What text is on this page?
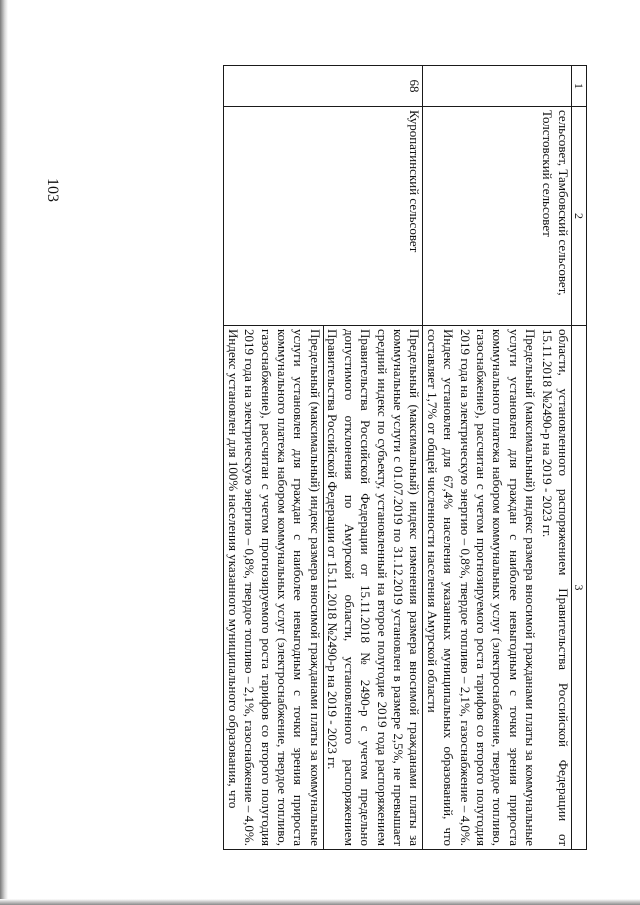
103
1	2	3
	сельсовет, Тамбовский сельсовет, Толстовский сельсовет	области, установленного распоряжением Правительства Российской Федерации от 15.11.2018 №2490-р на 2019 - 2023 гг.

Предельный (максимальный) индекс размера вносимой гражданами платы за коммунальные услуги установлен для граждан с наиболее невыгодным с точки зрения прироста коммунального платежа набором коммунальных услуг (электроснабжение, твердое топливо, газоснабжение), рассчитан с учетом прогнозируемого роста тарифов со второго полугодия 2019 года на электрическую энергию – 0,8%, твердое топливо – 2,1%, газоснабжение – 4,0%. Индекс установлен для 67,4% населения указанных муниципальных образований, что составляет 1,7% от общей численности населения Амурской области

68	Куропатинский сельсовет	Предельный (максимальный) индекс изменения размера вносимой гражданами платы за коммунальные услуги с 01.07.2019 по 31.12.2019 установлен в размере 2,5%, не превышает средний индекс по субъекту, установленный на второе полугодие 2019 года распоряжением Правительства Российской Федерации от 15.11.2018 № 2490-р с учетом предельно допустимого отклонения по Амурской области, установленного распоряжением Правительства Российской Федерации от 15.11.2018 №2490-р на 2019 - 2023 гг.

Предельный (максимальный) индекс размера вносимой гражданами платы за коммунальные услуги установлен для граждан с наиболее невыгодным с точки зрения прироста коммунального платежа набором коммунальных услуг (электроснабжение, твердое топливо, газоснабжение), рассчитан с учетом прогнозируемого роста тарифов со второго полугодия 2019 года на электрическую энергию – 0,8%, твердое топливо – 2,1%, газоснабжение – 4,0%. Индекс установлен для 100% населения указанного муниципального образования, что
